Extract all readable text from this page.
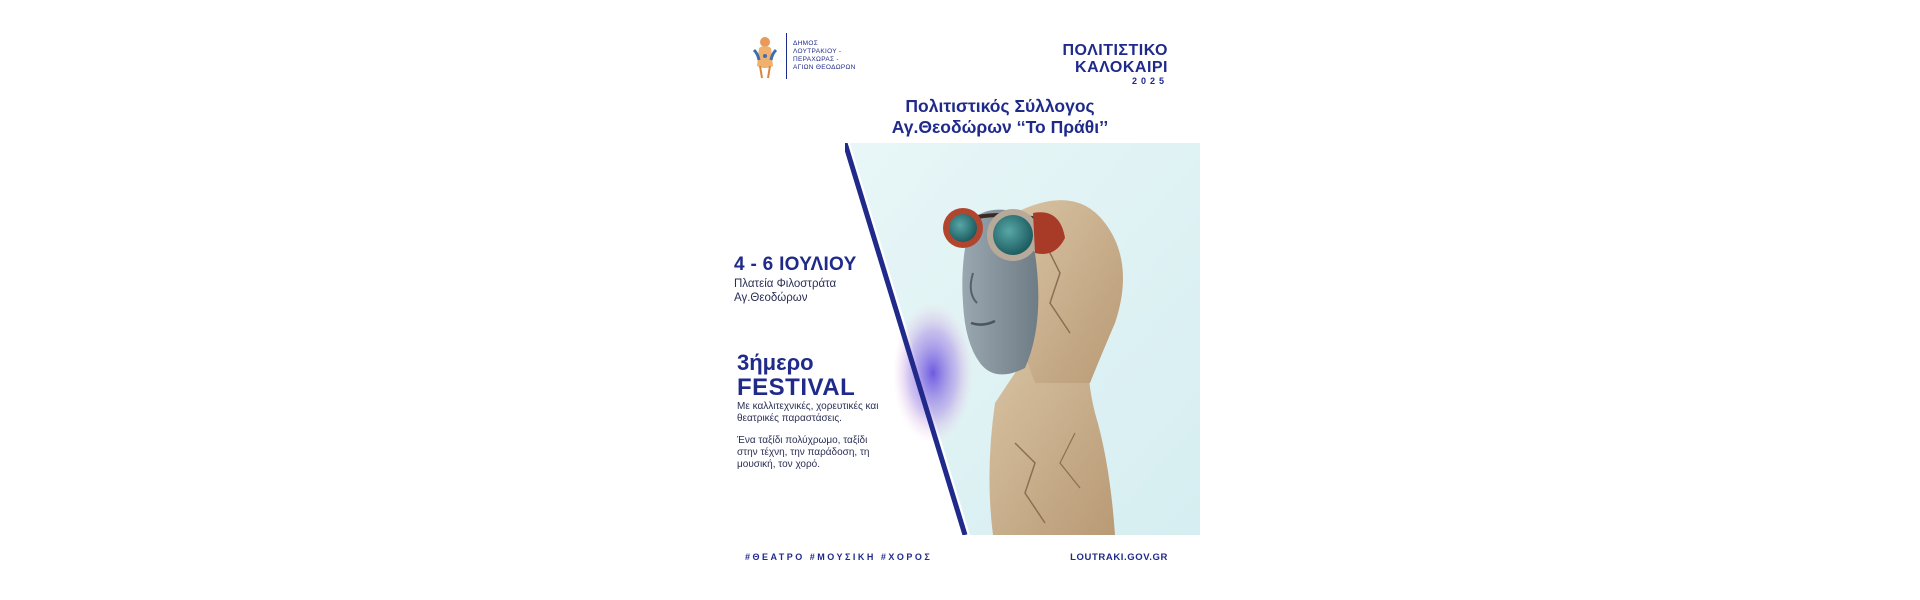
ΔΗΜΟΣ
ΛΟΥΤΡΑΚΙΟΥ -
ΠΕΡΑΧΩΡΑΣ -
ΑΓΙΩΝ ΘΕΟΔΩΡΩΝ
ΠΟΛΙΤΙΣΤΙΚΟ
ΚΑΛΟΚΑΙΡΙ
2025
Πολιτιστικός Σύλλογος
Αγ.Θεοδώρων ‘‘Το Πράθι’’
4 - 6 ΙΟΥΛΙΟΥ
Πλατεία Φιλοστράτα
Αγ.Θεοδώρων
3ήμερο
FESTIVAL
Με καλλιτεχνικές, χορευτικές και θεατρικές παραστάσεις.
Ένα ταξίδι πολύχρωμο, ταξίδι στην τέχνη, την παράδοση, τη μουσική, τον χορό.
#ΘΕΑΤΡΟ #ΜΟΥΣΙΚΗ #ΧΟΡΟΣ	LOUTRAKI.GOV.GR
